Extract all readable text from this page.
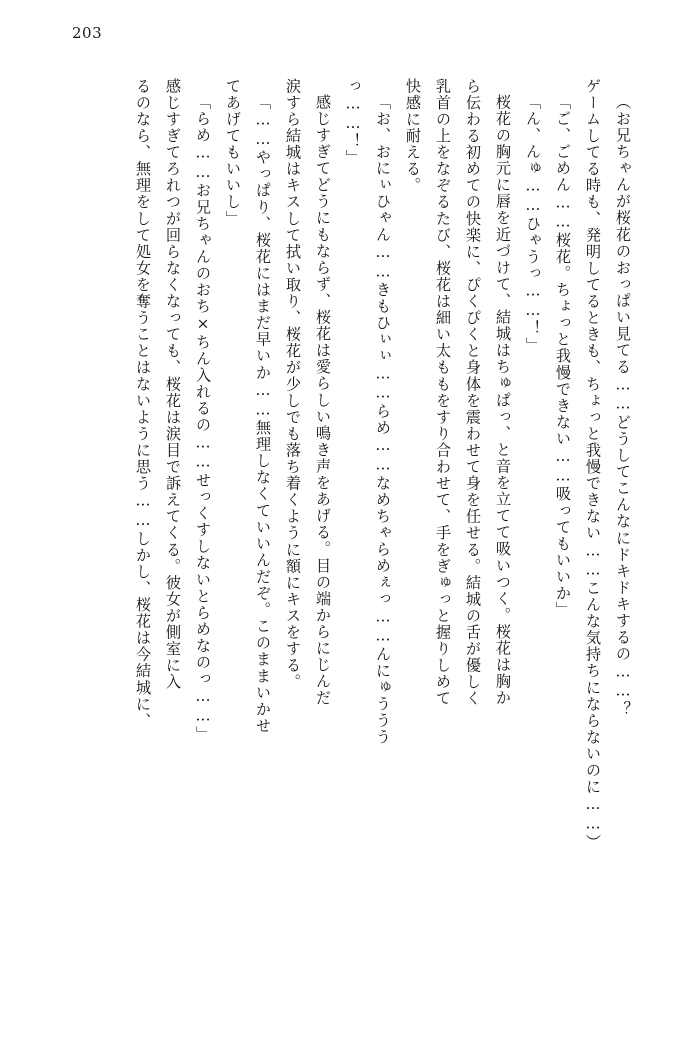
203
（お兄ちゃんが桜花のおっぱい見てる……どうしてこんなにドキドキするの……？
ゲームしてる時も、発明してるときも、ちょっと我慢できない……こんな気持ちにならないのに……）
「ご、ごめん……桜花。ちょっと我慢できない……吸ってもいいか」
「ん、んゅ……ひゃうっ……！」
桜花の胸元に唇を近づけて、結城はちゅぱっ、と音を立てて吸いつく。桜花は胸か
ら伝わる初めての快楽に、ぴくぴくと身体を震わせて身を任せる。結城の舌が優しく
乳首の上をなぞるたび、桜花は細い太ももをすり合わせて、手をぎゅっと握りしめて
快感に耐える。
「お、おにぃひゃん……きもひぃぃ……らめ……なめちゃらめぇっ……んにゅううう
っ……！」
感じすぎてどうにもならず、桜花は愛らしい鳴き声をあげる。目の端からにじんだ
涙すら結城はキスして拭い取り、桜花が少しでも落ち着くように額にキスをする。
「……やっぱり、桜花にはまだ早いか……無理しなくていいんだぞ。このままいかせ
てあげてもいいし」
「らめ……お兄ちゃんのおち×ちん入れるの……せっくすしないとらめなのっ……」
感じすぎてろれつが回らなくなっても、桜花は涙目で訴えてくる。彼女が側室に入
るのなら、無理をして処女を奪うことはないように思う……しかし、桜花は今結城に、
